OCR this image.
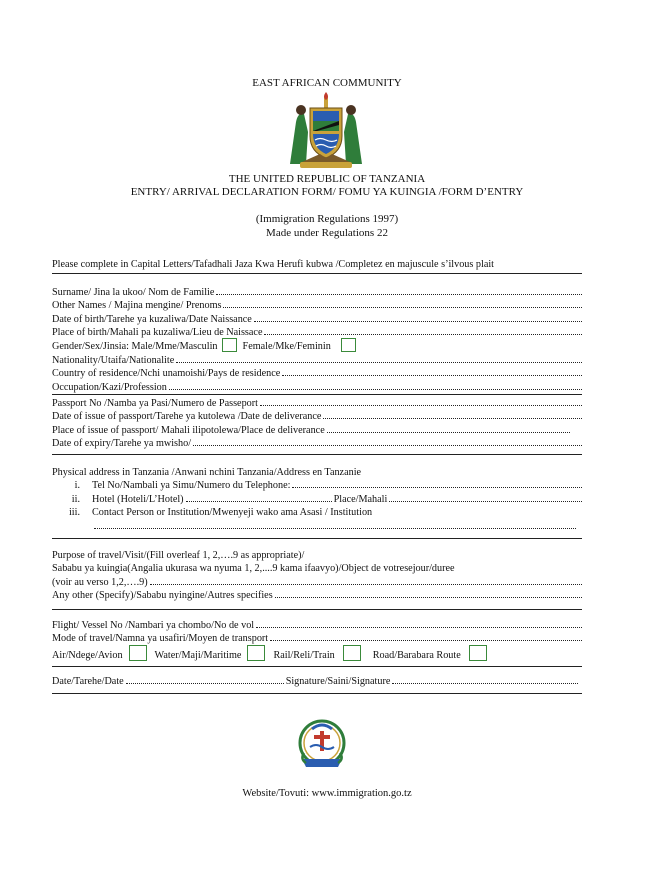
EAST AFRICAN COMMUNITY
THE UNITED REPUBLIC OF TANZANIA
ENTRY/ ARRIVAL DECLARATION FORM/ FOMU YA KUINGIA /FORM D’ENTRY
(Immigration Regulations 1997)
Made under Regulations 22
Please complete in Capital Letters/Tafadhali Jaza Kwa Herufi kubwa /Completez en majuscule s’ilvous plait
Surname/ Jina la ukoo/ Nom de Familie
Other Names / Majina mengine/ Prenoms
Date of birth/Tarehe ya kuzaliwa/Date Naissance
Place of birth/Mahali pa kuzaliwa/Lieu de Naissace
Gender/Sex/Jinsia: Male/Mme/Masculin Female/Mke/Feminin
Nationality/Utaifa/Nationalite
Country of residence/Nchi unamoishi/Pays de residence
Occupation/Kazi/Profession
Passport No /Namba ya Pasi/Numero de Passeport
Date of issue of passport/Tarehe ya kutolewa /Date de deliverance
Place of issue of passport/ Mahali ilipotolewa/Place de deliverance
Date of expiry/Tarehe ya mwisho/
Physical address in Tanzania /Anwani nchini Tanzania/Address en Tanzanie
i.	Tel No/Nambali ya Simu/Numero du Telephone:
ii.	Hotel (Hoteli/L’Hotel)	Place/Mahali
iii.	Contact Person or Institution/Mwenyeji wako ama Asasi / Institution
Purpose of travel/Visit/(Fill overleaf 1, 2,….9 as appropriate)/
Sababu ya kuingia(Angalia ukurasa wa nyuma 1, 2,....9 kama ifaavyo)/Object de votresejour/duree
(voir au verso 1,2,….9)
Any other (Specify)/Sababu nyingine/Autres specifies
Flight/ Vessel No /Nambari ya chombo/No de vol
Mode of travel/Namna ya usafiri/Moyen de transport
Air/Ndege/Avion	Water/Maji/Maritime	Rail/Reli/Train	Road/Barabara Route
Date/Tarehe/Date	Signature/Saini/Signature
Website/Tovuti: www.immigration.go.tz
